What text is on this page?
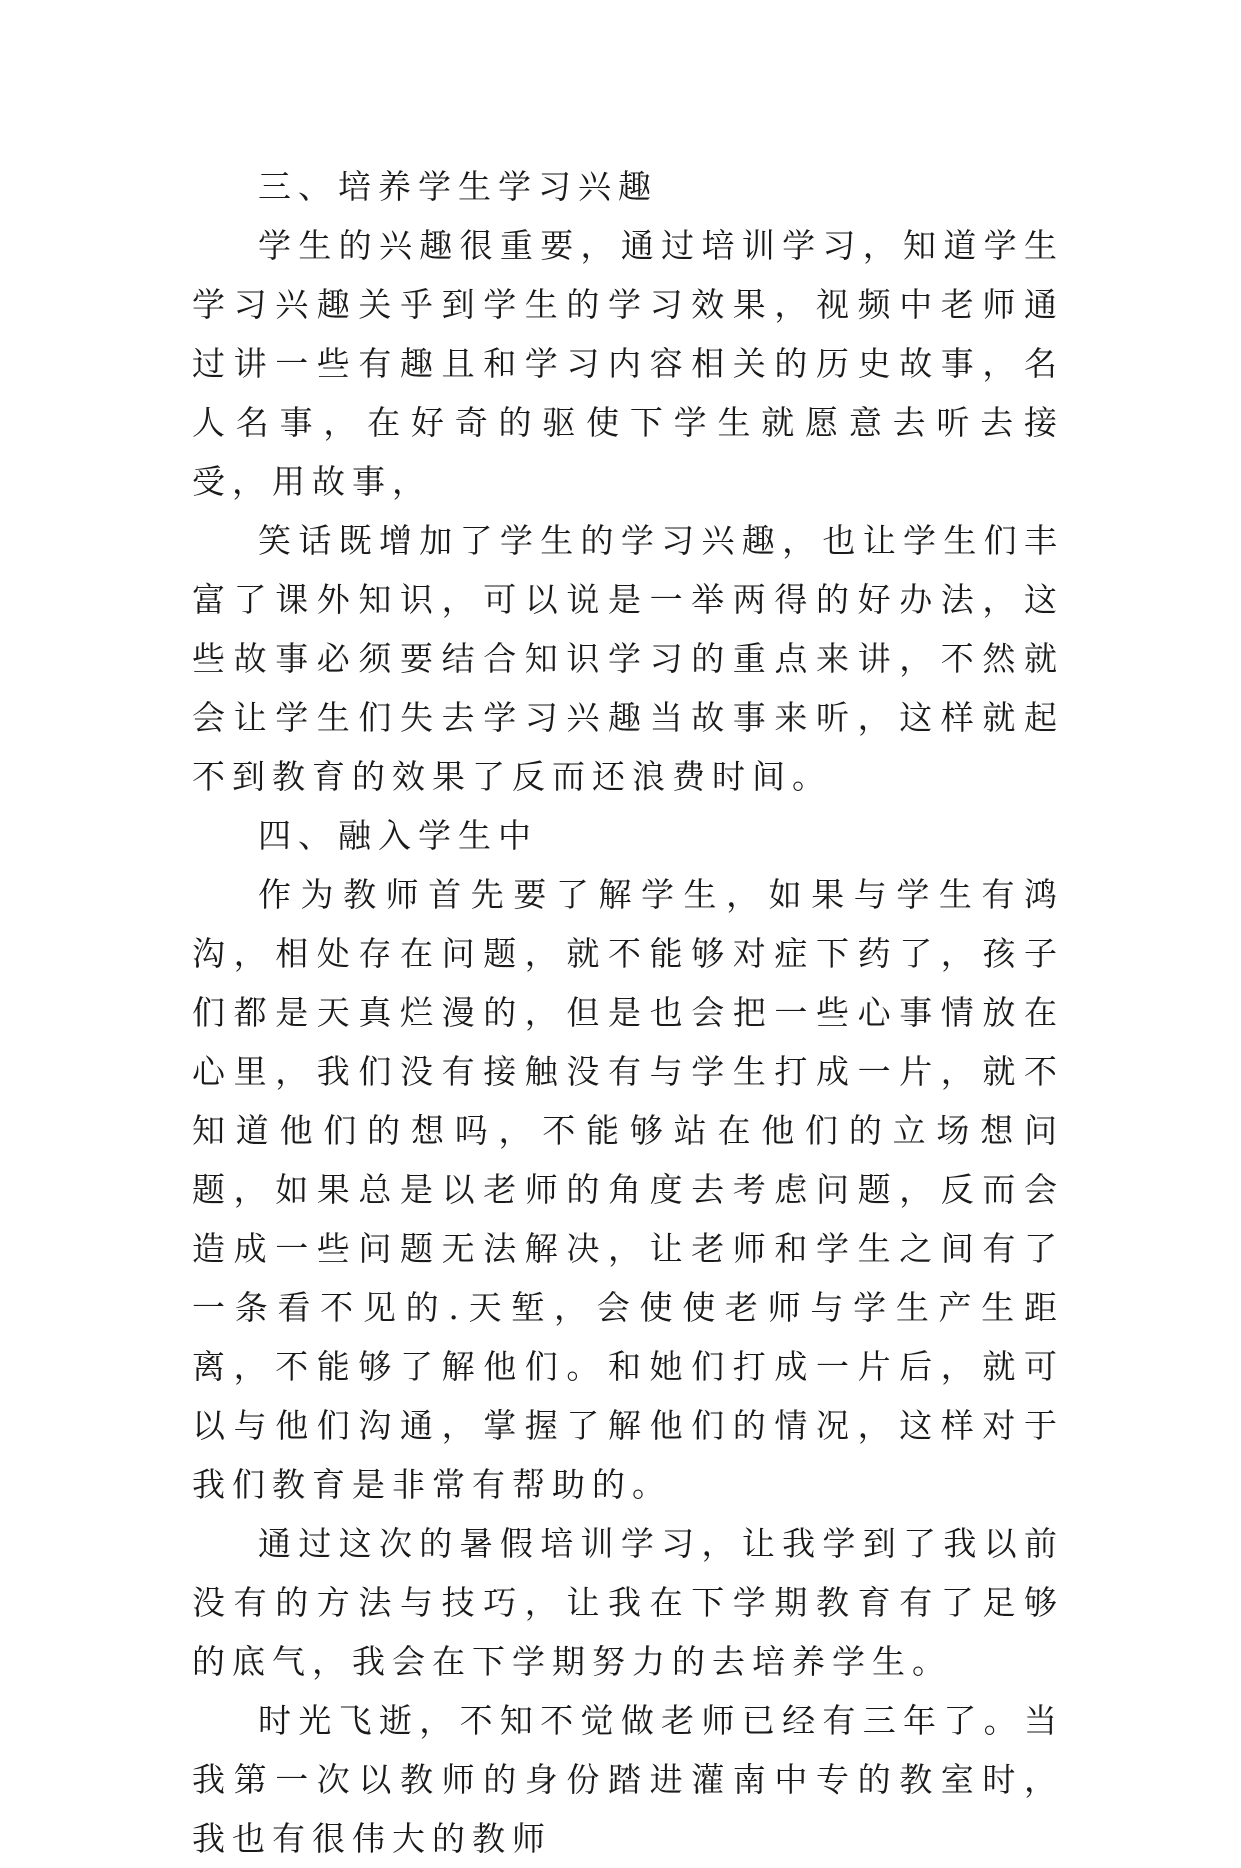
三、培养学生学习兴趣

学生的兴趣很重要，通过培训学习，知道学生学习兴趣关乎到学生的学习效果，视频中老师通过讲一些有趣且和学习内容相关的历史故事，名人名事，在好奇的驱使下学生就愿意去听去接受，用故事，

笑话既增加了学生的学习兴趣，也让学生们丰富了课外知识，可以说是一举两得的好办法，这些故事必须要结合知识学习的重点来讲，不然就会让学生们失去学习兴趣当故事来听，这样就起不到教育的效果了反而还浪费时间。

四、融入学生中

作为教师首先要了解学生，如果与学生有鸿沟，相处存在问题，就不能够对症下药了，孩子们都是天真烂漫的，但是也会把一些心事情放在心里，我们没有接触没有与学生打成一片，就不知道他们的想吗，不能够站在他们的立场想问题，如果总是以老师的角度去考虑问题，反而会造成一些问题无法解决，让老师和学生之间有了一条看不见的.天堑，会使使老师与学生产生距离，不能够了解他们。和她们打成一片后，就可以与他们沟通，掌握了解他们的情况，这样对于我们教育是非常有帮助的。

通过这次的暑假培训学习，让我学到了我以前没有的方法与技巧，让我在下学期教育有了足够的底气，我会在下学期努力的去培养学生。

时光飞逝，不知不觉做老师已经有三年了。当我第一次以教师的身份踏进灌南中专的教室时，我也有很伟大的教师
